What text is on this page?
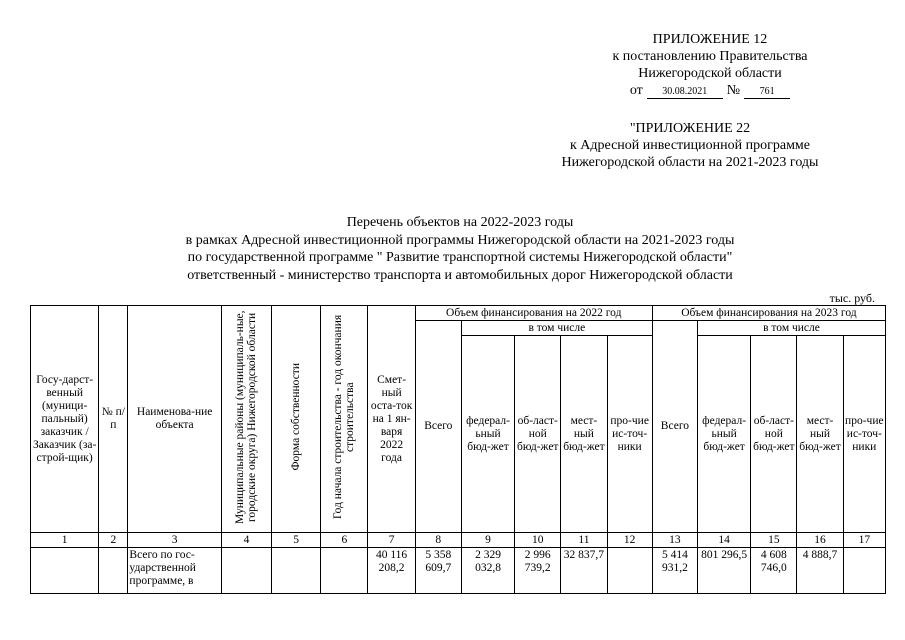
ПРИЛОЖЕНИЕ 12
к постановлению Правительства
Нижегородской области
от	30.08.2021	№	761
"ПРИЛОЖЕНИЕ 22
к Адресной инвестиционной программе
Нижегородской области на 2021-2023 годы
Перечень объектов на 2022-2023 годы
в рамках Адресной инвестиционной программы Нижегородской области на 2021-2023 годы
по государственной программе " Развитие транспортной системы Нижегородской области"
ответственный - министерство транспорта и автомобильных дорог Нижегородской области
тыс. руб.
Госу-дарст-венный (муници-пальный) заказчик / Заказчик (за-строй-щик)	№ п/п	Наименова-ние объекта	Муниципальные районы (муниципаль-ные, городские округа) Нижегородской области	Форма собственности	Год начала строительства - год окончания строительства	Смет-ный оста-ток на 1 ян-варя 2022 года	Объем финансирования на 2022 год					Объем финансирования на 2023 год				
							Всего	в том числе				Всего	в том числе			
								федерал-ьный бюд-жет	об-ласт-ной бюд-жет	мест-ный бюд-жет	про-чие ис-точ-ники		федерал-ьный бюд-жет	об-ласт-ной бюд-жет	мест-ный бюд-жет	про-чие ис-точ-ники
1	2	3	4	5	6	7	8	9	10	11	12	13	14	15	16	17
		Всего по гос-ударственной программе, в				40 116 208,2	5 358 609,7	2 329 032,8	2 996 739,2	32 837,7		5 414 931,2	801 296,5	4 608 746,0	4 888,7	
